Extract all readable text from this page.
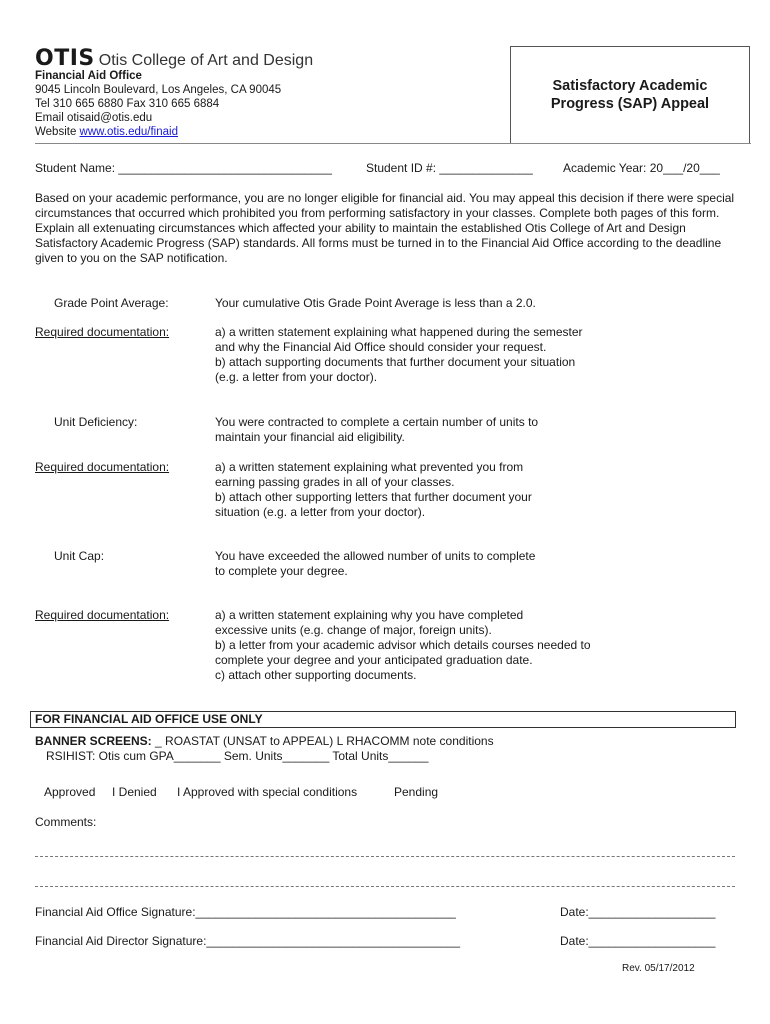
OTIS Otis College of Art and Design
Financial Aid Office
9045 Lincoln Boulevard, Los Angeles, CA 90045
Tel 310 665 6880 Fax 310 665 6884
Email otisaid@otis.edu
Website www.otis.edu/finaid
Satisfactory Academic
Progress (SAP) Appeal
Student Name: ________________________________	Student ID #: ______________	Academic Year: 20___/20___
Based on your academic performance, you are no longer eligible for financial aid. You may appeal this decision if there were special circumstances that occurred which prohibited you from performing satisfactory in your classes. Complete both pages of this form. Explain all extenuating circumstances which affected your ability to maintain the established Otis College of Art and Design Satisfactory Academic Progress (SAP) standards. All forms must be turned in to the Financial Aid Office according to the deadline given to you on the SAP notification.
Grade Point Average:	Your cumulative Otis Grade Point Average is less than a 2.0.
Required documentation:	a) a written statement explaining what happened during the semester
and why the Financial Aid Office should consider your request.
b) attach supporting documents that further document your situation
(e.g. a letter from your doctor).
Unit Deficiency:	You were contracted to complete a certain number of units to
maintain your financial aid eligibility.
Required documentation:	a) a written statement explaining what prevented you from
earning passing grades in all of your classes.
b) attach other supporting letters that further document your
situation (e.g. a letter from your doctor).
Unit Cap:	You have exceeded the allowed number of units to complete
to complete your degree.
Required documentation:	a) a written statement explaining why you have completed
excessive units (e.g. change of major, foreign units).
b) a letter from your academic advisor which details courses needed to
complete your degree and your anticipated graduation date.
c) attach other supporting documents.
FOR FINANCIAL AID OFFICE USE ONLY
BANNER SCREENS: _ ROASTAT (UNSAT to APPEAL) L RHACOMM note conditions
RSIHIST: Otis cum GPA_______ Sem. Units_______ Total Units______
Approved I Denied I Approved with special conditions	Pending
Comments:
Financial Aid Office Signature:_______________________________________	Date:___________________
Financial Aid Director Signature:______________________________________	Date:___________________
Rev. 05/17/2012
